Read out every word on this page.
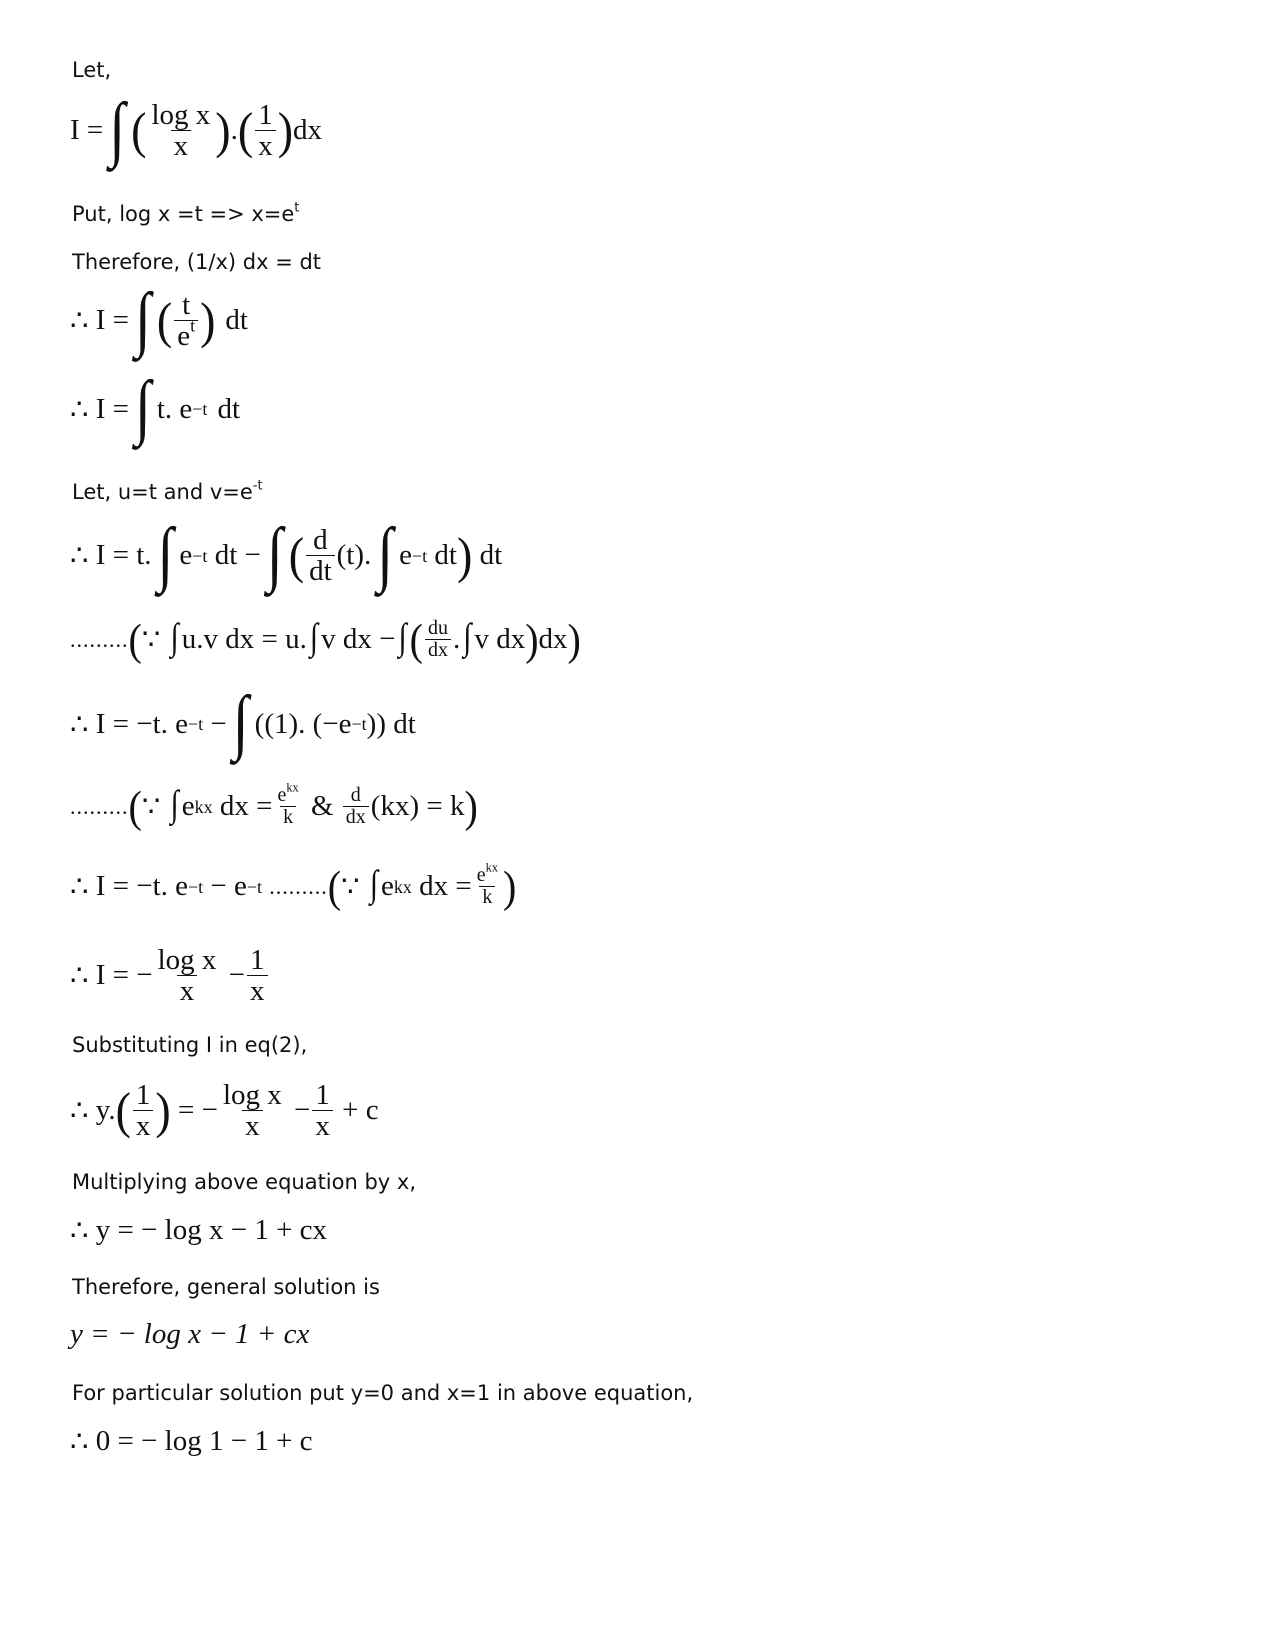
Let,
I = ∫ ( $\frac{\text{log x}}{x}$ ) . ( $\frac{1}{x}$ ) dx
Put, $\log x =t => x=e^t$
Therefore, (1/x) dx = dt
∴
I = ∫ ( $\frac{t}{e^t}$ ) dt
∴
I = ∫ t. e −t dt
Let, u=t and $v=e^{-t}$
∴
I =
t. ∫ e −t
dt − ∫ ( $\frac{d}{dt} (t)$. ∫ e −t
dt )
dt
......... ( ∵
∫ u.v dx = u. ∫ v dx − ∫ ( $\frac{du}{dx}$ . ∫ v dx ) dx )
∴
I =
−t. e −t
− ∫ ((1). (−e −t )) dt
......... ( ∵
∫ e kx
dx = $\frac{e^{kx}}{k}$
&
$\frac{d}{dx} (kx) = k$ )
∴
I =
−t. e −t
− e −t
......... ( ∵
∫ e kx
dx = $\frac{e^{kx}}{k}$ )
∴
I =
− $\frac{\text{log x}}{x}$
− $\frac{1}{x}$
Substituting I in eq(2),
∴
y. ( $\frac{1}{x}$ ) = − $\frac{\text{log x}}{x}$
− $\frac{1}{x}$
+ c
Multiplying above equation by x,
∴
y = − log x − 1 + cx
Therefore, general solution is
y = − log x − 1 + cx
For particular solution put y=0 and x=1 in above equation,
∴
0 = − log 1 − 1 + c
